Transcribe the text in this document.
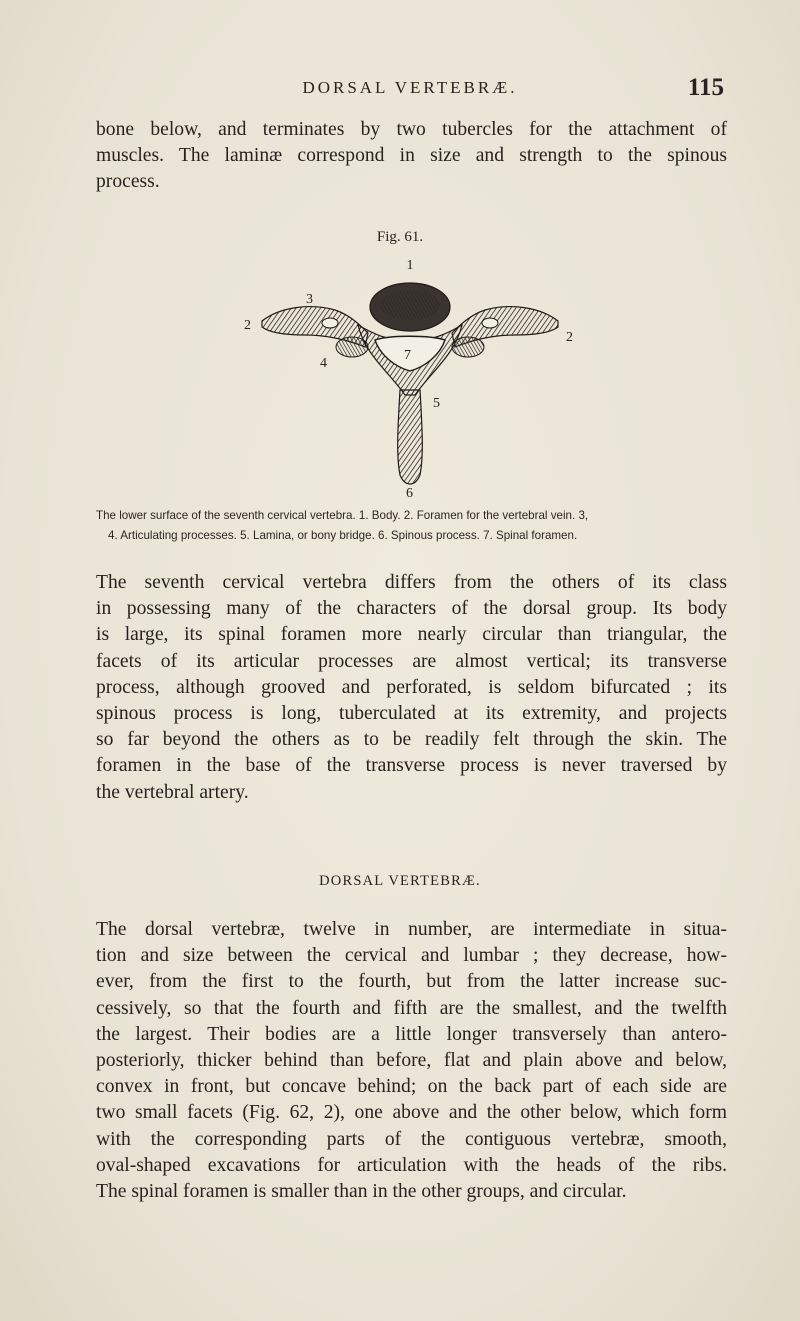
DORSAL VERTEBRÆ.	115

bone below, and terminates by two tubercles for the attachment of
muscles. The laminæ correspond in size and strength to the spinous
process.

Fig. 61.
1
2
2
3
4
5
6
7
The lower surface of the seventh cervical vertebra. 1. Body. 2. Foramen for the vertebral vein. 3,
4. Articulating processes. 5. Lamina, or bony bridge. 6. Spinous process. 7. Spinal foramen.

The seventh cervical vertebra differs from the others of its class
in possessing many of the characters of the dorsal group. Its body
is large, its spinal foramen more nearly circular than triangular, the
facets of its articular processes are almost vertical; its transverse
process, although grooved and perforated, is seldom bifurcated ; its
spinous process is long, tuberculated at its extremity, and projects
so far beyond the others as to be readily felt through the skin. The
foramen in the base of the transverse process is never traversed by
the vertebral artery.

DORSAL VERTEBRÆ.

The dorsal vertebræ, twelve in number, are intermediate in situa-
tion and size between the cervical and lumbar ; they decrease, how-
ever, from the first to the fourth, but from the latter increase suc-
cessively, so that the fourth and fifth are the smallest, and the twelfth
the largest. Their bodies are a little longer transversely than antero-
posteriorly, thicker behind than before, flat and plain above and below,
convex in front, but concave behind; on the back part of each side are
two small facets (Fig. 62, 2), one above and the other below, which form
with the corresponding parts of the contiguous vertebræ, smooth,
oval-shaped excavations for articulation with the heads of the ribs.
The spinal foramen is smaller than in the other groups, and circular.
